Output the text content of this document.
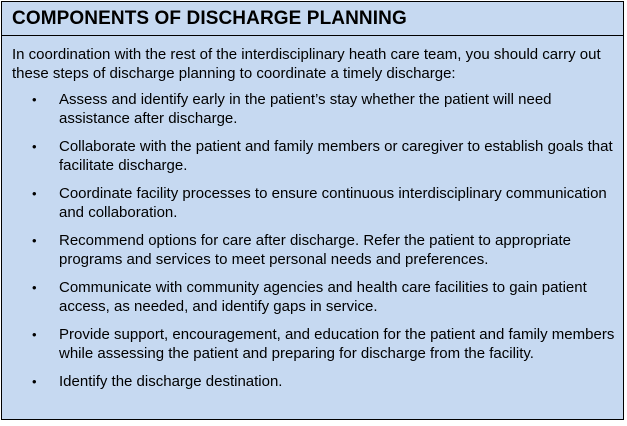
COMPONENTS OF DISCHARGE PLANNING

In coordination with the rest of the interdisciplinary heath care team, you should carry out these steps of discharge planning to coordinate a timely discharge:

• Assess and identify early in the patient’s stay whether the patient will need assistance after discharge.
• Collaborate with the patient and family members or caregiver to establish goals that facilitate discharge.
• Coordinate facility processes to ensure continuous interdisciplinary communication and collaboration.
• Recommend options for care after discharge. Refer the patient to appropriate programs and services to meet personal needs and preferences.
• Communicate with community agencies and health care facilities to gain patient access, as needed, and identify gaps in service.
• Provide support, encouragement, and education for the patient and family members while assessing the patient and preparing for discharge from the facility.
• Identify the discharge destination.
